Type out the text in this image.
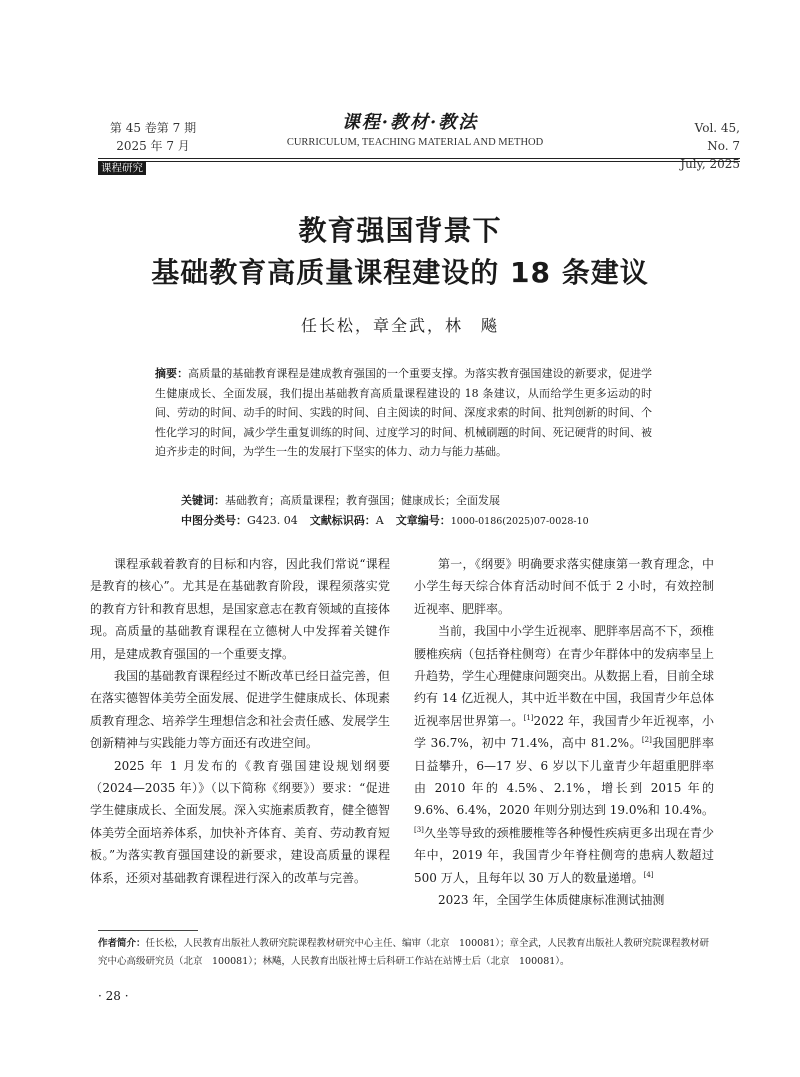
第 45 卷第 7 期
2025 年 7 月
课程·教材·教法
CURRICULUM, TEACHING MATERIAL AND METHOD
Vol. 45, No. 7
July, 2025
课程研究
教育强国背景下
基础教育高质量课程建设的 18 条建议
任长松，章全武，林　飚
摘要：高质量的基础教育课程是建成教育强国的一个重要支撑。为落实教育强国建设的新要求，促进学生健康成长、全面发展，我们提出基础教育高质量课程建设的 18 条建议，从而给学生更多运动的时间、劳动的时间、动手的时间、实践的时间、自主阅读的时间、深度求索的时间、批判创新的时间、个性化学习的时间，减少学生重复训练的时间、过度学习的时间、机械刷题的时间、死记硬背的时间、被迫齐步走的时间，为学生一生的发展打下坚实的体力、动力与能力基础。
关键词：基础教育；高质量课程；教育强国；健康成长；全面发展
中图分类号：G423. 04 文献标识码：A 文章编号：1000-0186(2025)07-0028-10

课程承载着教育的目标和内容，因此我们常说“课程是教育的核心”。尤其是在基础教育阶段，课程须落实党的教育方针和教育思想，是国家意志在教育领域的直接体现。高质量的基础教育课程在立德树人中发挥着关键作用，是建成教育强国的一个重要支撑。

我国的基础教育课程经过不断改革已经日益完善，但在落实德智体美劳全面发展、促进学生健康成长、体现素质教育理念、培养学生理想信念和社会责任感、发展学生创新精神与实践能力等方面还有改进空间。

2025 年 1 月发布的《教育强国建设规划纲要（2024—2035 年）》（以下简称《纲要》）要求：“促进学生健康成长、全面发展。深入实施素质教育，健全德智体美劳全面培养体系，加快补齐体育、美育、劳动教育短板。”为落实教育强国建设的新要求，建设高质量的课程体系，还须对基础教育课程进行深入的改革与完善。

第一，《纲要》明确要求落实健康第一教育理念，中小学生每天综合体育活动时间不低于 2 小时，有效控制近视率、肥胖率。

当前，我国中小学生近视率、肥胖率居高不下，颈椎腰椎疾病（包括脊柱侧弯）在青少年群体中的发病率呈上升趋势，学生心理健康问题突出。从数据上看，目前全球约有 14 亿近视人，其中近半数在中国，我国青少年总体近视率居世界第一。[1]2022 年，我国青少年近视率，小学 36.7%，初中 71.4%，高中 81.2%。[2]我国肥胖率日益攀升，6—17 岁、6 岁以下儿童青少年超重肥胖率由 2010 年的 4.5%、2.1%，增长到 2015 年的 9.6%、6.4%，2020 年则分别达到 19.0%和 10.4%。[3]久坐等导致的颈椎腰椎等各种慢性疾病更多出现在青少年中，2019 年，我国青少年脊柱侧弯的患病人数超过 500 万人，且每年以 30 万人的数量递增。[4]

2023 年，全国学生体质健康标准测试抽测

作者简介：任长松，人民教育出版社人教研究院课程教材研究中心主任、编审（北京　100081）；章全武，人民教育出版社人教研究院课程教材研究中心高级研究员（北京　100081）；林飚，人民教育出版社博士后科研工作站在站博士后（北京　100081）。
· 28 ·
